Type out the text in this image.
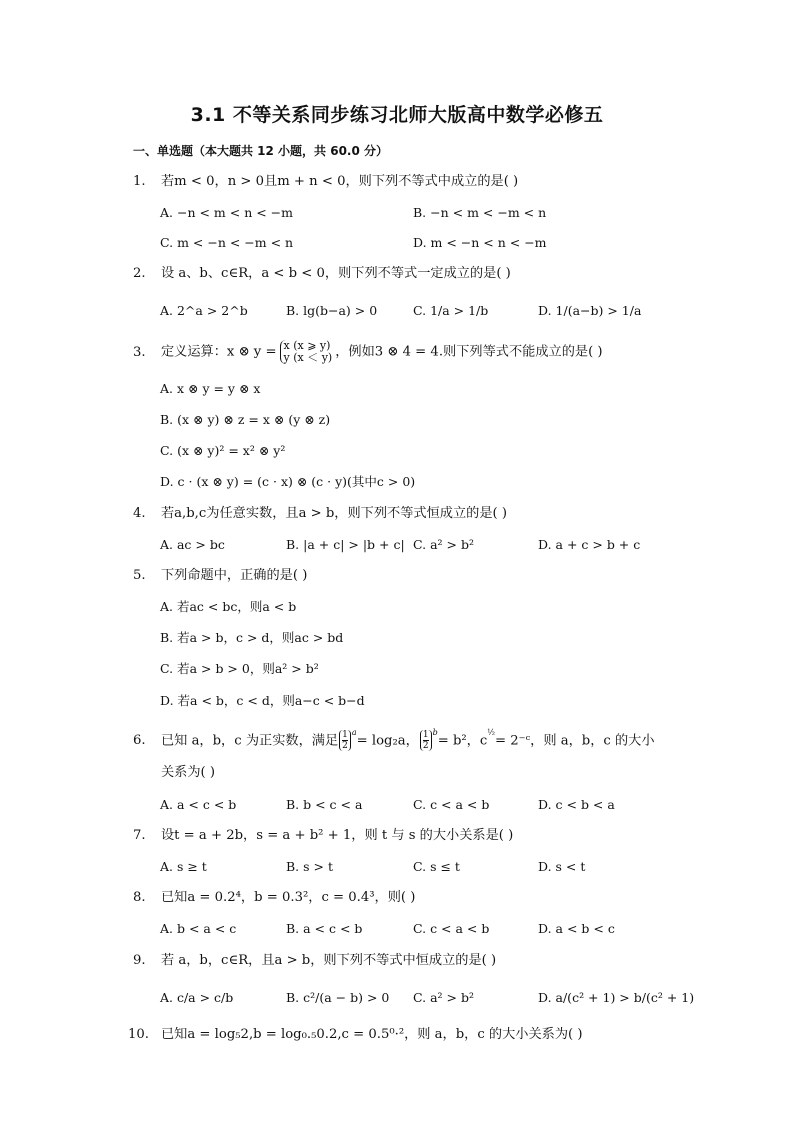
3.1 不等关系同步练习北师大版高中数学必修五
一、单选题（本大题共 12 小题，共 60.0 分）
1. 若m < 0，n > 0且m + n < 0，则下列不等式中成立的是( )
A. −n < m < n < −m	B. −n < m < −m < n
C. m < −n < −m < n	D. m < −n < n < −m
2. 设 a、b、c∈R，a < b < 0，则下列不等式一定成立的是( )
A. 2^a > 2^b	B. lg(b−a) > 0	C. 1/a > 1/b	D. 1/(a−b) > 1/a
3. 定义运算：x ⊗ y = x (x ⩾ y)
y (x ＜ y) ，例如3 ⊗ 4 = 4.则下列等式不能成立的是( )
A. x ⊗ y = y ⊗ x
B. (x ⊗ y) ⊗ z = x ⊗ (y ⊗ z)
C. (x ⊗ y)² = x² ⊗ y²
D. c · (x ⊗ y) = (c · x) ⊗ (c · y)(其中c > 0)
4. 若a,b,c为任意实数，且a > b，则下列不等式恒成立的是( )
A. ac > bc	B. |a + c| > |b + c| C. a² > b²	D. a + c > b + c
5. 下列命题中，正确的是( )
A. 若ac < bc，则a < b
B. 若a > b，c > d，则ac > bd
C. 若a > b > 0，则a² > b²
D. 若a < b，c < d，则a−c < b−d
6. 已知 a，b，c 为正实数，满足 $\frac{1}{2} ^a= \log_2a$， $\frac{1}{2} ^b= b^2$，$c^{\frac{1}{2}}=$ 2⁻ᶜ，则 a，b，c 的大小
关系为( )
A. a < c < b	B. b < c < a	C. c < a < b	D. c < b < a
7. 设t = a + 2b，s = a + b² + 1，则 t 与 s 的大小关系是( )
A. s ≥ t	B. s > t	C. s ≤ t	D. s < t
8. 已知a = 0.2⁴，b = 0.3²，c = 0.4³，则( )
A. b < a < c	B. a < c < b	C. c < a < b	D. a < b < c
9. 若 a，b，c∈R，且a > b，则下列不等式中恒成立的是( )
A. c/a > c/b	B. c²/(a − b) > 0 C. a² > b²	D. a/(c² + 1) > b/(c² + 1)
10. 已知a = log₅2,b = log₀.₅0.2,c = 0.5⁰·²，则 a，b，c 的大小关系为( )
